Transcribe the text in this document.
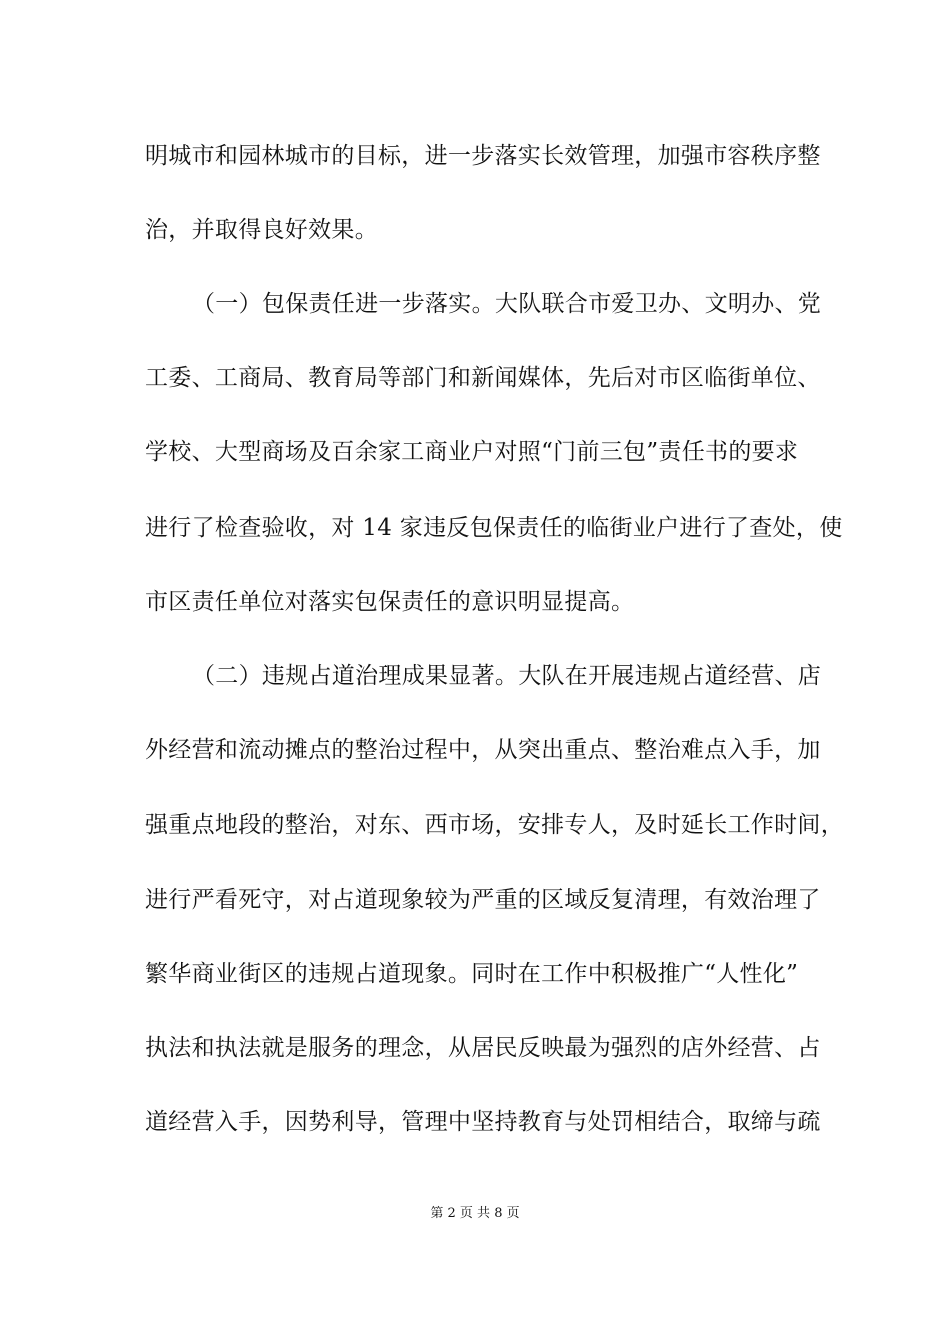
明城市和园林城市的目标，进一步落实长效管理，加强市容秩序整
治，并取得良好效果。
（一）包保责任进一步落实。大队联合市爱卫办、文明办、党
工委、工商局、教育局等部门和新闻媒体，先后对市区临街单位、
学校、大型商场及百余家工商业户对照“门前三包”责任书的要求
进行了检查验收，对 14 家违反包保责任的临街业户进行了查处，使
市区责任单位对落实包保责任的意识明显提高。
（二）违规占道治理成果显著。大队在开展违规占道经营、店
外经营和流动摊点的整治过程中，从突出重点、整治难点入手，加
强重点地段的整治，对东、西市场，安排专人，及时延长工作时间，
进行严看死守，对占道现象较为严重的区域反复清理，有效治理了
繁华商业街区的违规占道现象。同时在工作中积极推广“人性化”
执法和执法就是服务的理念，从居民反映最为强烈的店外经营、占
道经营入手，因势利导，管理中坚持教育与处罚相结合，取缔与疏
第 2 页 共 8 页
